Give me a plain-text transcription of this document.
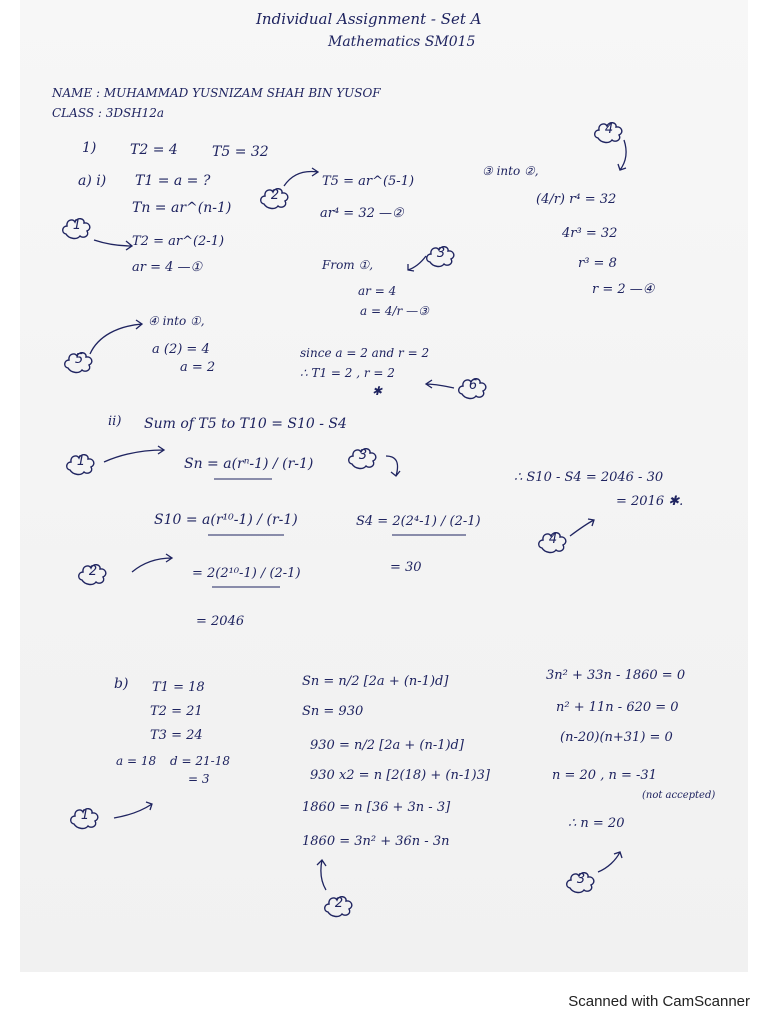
Individual Assignment - Set A
Mathematics SM015
NAME : MUHAMMAD YUSNIZAM SHAH BIN YUSOF
CLASS : 3DSH12a
1) T2 = 4 T5 = 32
a) i) T1 = a = ?
Tn = ar^(n-1)
T2 = ar^(2-1)
ar = 4 —①
T5 = ar^(5-1)
ar⁴ = 32 —②
From ①,
ar = 4
a = 4/r —③
③ into ②,
(4/r) r⁴ = 32
4r³ = 32
r³ = 8
r = 2 —④
④ into ①,
a (2) = 4
a = 2
since a = 2 and r = 2
∴ T1 = 2 , r = 2
✱
ii) Sum of T5 to T10 = S10 - S4
Sn = a(rⁿ-1) / (r-1)
S10 = a(r¹⁰-1) / (r-1)
= 2(2¹⁰-1) / (2-1)
= 2046
S4 = 2(2⁴-1) / (2-1)
= 30
∴ S10 - S4 = 2046 - 30
= 2016 ✱.
b) T1 = 18
T2 = 21
T3 = 24
a = 18 d = 21-18
= 3
Sn = n/2 [2a + (n-1)d]
Sn = 930
930 = n/2 [2a + (n-1)d]
930 x2 = n [2(18) + (n-1)3]
1860 = n [36 + 3n - 3]
1860 = 3n² + 36n - 3n
3n² + 33n - 1860 = 0
n² + 11n - 620 = 0
(n-20)(n+31) = 0
n = 20 , n = -31
(not accepted)
∴ n = 20
1
2
3
4
5
6
1
2
3
4
1
2
3
Scanned with CamScanner
